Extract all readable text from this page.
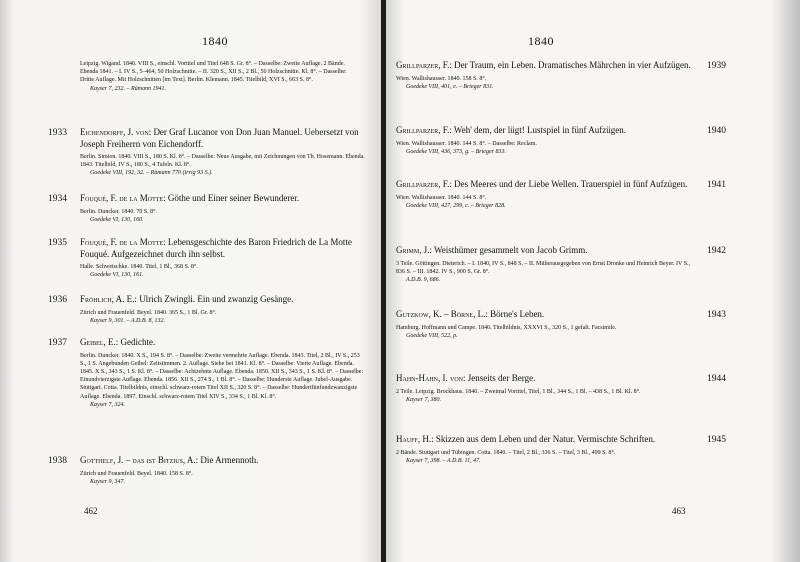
1840

Leipzig. Wigand. 1840. VIII S., einschl. Vortitel und Titel 648 S. Gr. 8°. – Dasselbe: Zweite Auflage. 2 Bände. Ebenda 1841. – I. IV S., 5–464, 50 Holzschnitte. – II. 320 S., XII S., 2 Bl., 50 Holzschnitte. Kl. 8°. – Dasselbe: Dritte Auflage. Mit Holzschnitten [im Text]. Berlin. Klemann. 1845. Titelbild, XVI S., 663 S. 8°.

Kayser 7, 232. – Rümann 1941.

Eichendorff, J. von: Der Graf Lucanor von Don Juan Manuel. Uebersetzt von Joseph Freiherrn von Eichendorff.

Berlin. Simion. 1840. VIII S., 180 S. Kl. 8°. – Dasselbe: Neue Ausgabe, mit Zeichnungen von Th. Hosemann. Ebenda. 1843. Titelbild, IV S., 180 S., 4 Tafeln. Kl. 8°.

Goedeke VIII, 192, 32. – Rümann 770 (irrig 93 S.).

1933

Fouqué, F. de la Motte: Göthe und Einer seiner Bewunderer.

Berlin. Duncker. 1840. 70 S. 8°.

Goedeke VI, 130, 160.

1934

Fouqué, F. de la Motte: Lebensgeschichte des Baron Friedrich de La Motte Fouqué. Aufgezeichnet durch ihn selbst.

Halle. Schwetschke. 1840. Titel, 1 Bl., 368 S. 8°.

Goedeke VI, 130, 161.

1935

Fröhlich, A. E.: Ulrich Zwingli. Ein und zwanzig Gesänge.

Zürich und Frauenfeld. Beyel. 1840. 365 S., 1 Bl. Gr. 8°.

Kayser 9, 301. – A.D.B. 8, 132.

1936

Geibel, E.: Gedichte.

Berlin. Duncker. 1840. X S., 194 S. 8°. – Dasselbe: Zweite vermehrte Auflage. Ebenda. 1843. Titel, 2 Bl., IV S., 253 S., 1 S. Angebunden Geibel: Zeitstimmen. 2. Auflage. Siehe bei 1841. Kl. 8°. – Dasselbe: Vierte Auflage. Ebenda. 1845. X S., 343 S., 1 S. Kl. 8°. – Dasselbe: Achtzehnte Auflage. Ebenda. 1850. XII S., 343 S., 1 S. Kl. 8°. – Dasselbe: Einundvierzigste Auflage. Ebenda. 1856. XII S., 274 S., 1 Bl. 8°. – Dasselbe: Hunderste Auflage. Jubel-Ausgabe. Stuttgart. Cotta. Titelbildnis, einschl. schwarz-rotem Titel XII S., 320 S. 8°. – Dasselbe: Hundertfünfundzwanzigste Auflage. Ebenda. 1897. Einschl. schwarz-rotem Titel XIV S., 334 S., 1 Bl. Kl. 8°.

Kayser 7, 324.

1937

Gotthelf, J. – das ist Bitzius, A.: Die Armennoth.

Zürich und Frauenfeld. Beyel. 1840. 158 S. 8°.

Kayser 9, 347.

1938
462
1840

Grillparzer, F.: Der Traum, ein Leben. Dramatisches Mährchen in vier Aufzügen.

Wien. Wallishausser. 1840. 158 S. 8°.

Goedeke VIII, 401, e. – Brieger 831.

1939

Grillparzer, F.: Weh' dem, der lügt! Lustspiel in fünf Aufzügen.

Wien. Wallishausser. 1840. 144 S. 8°. – Dasselbe: Reclam.

Goedeke VIII, 436, 373, g. – Brieger 833.

1940

Grillparzer, F.: Des Meeres und der Liebe Wellen. Trauerspiel in fünf Aufzügen.

Wien. Wallishausser. 1840. 144 S. 8°.

Goedeke VIII, 427, 299, c. – Brieger 828.

1941

Grimm, J.: Weisthümer gesammelt von Jacob Grimm.

3 Teile. Göttingen. Dieterich. – I. 1840, IV S., 848 S. – II. Mitherausgegeben von Ernst Dronke und Heinrich Beyer. IV S., 836 S. – III. 1842. IV S., 900 S. Gr. 8°.

A.D.B. 9, 686.

1942

Gutzkow, K. – Börne, L.: Börne's Leben.

Hamburg. Hoffmann und Campe. 1840. Titelbildnis, XXXVI S., 320 S., 1 gefalt. Facsimile.

Goedeke VIII, 522, p.

1943

Hahn-Hahn, I. von: Jenseits der Berge.

2 Teile. Leipzig. Brockhaus. 1840. – Zweimal Vortitel, Titel, 1 Bl., 344 S., 1 Bl. – 438 S., 1 Bl. Kl. 8°.

Kayser 7, 380.

1944

Hauff, H.: Skizzen aus dem Leben und der Natur. Vermischte Schriften.

2 Bände. Stuttgart und Tübingen. Cotta. 1840. – Titel, 2 Bl., 336 S. – Titel, 3 Bl., 499 S. 8°.

Kayser 7, 398. – A.D.B. 11, 47.

1945
463
